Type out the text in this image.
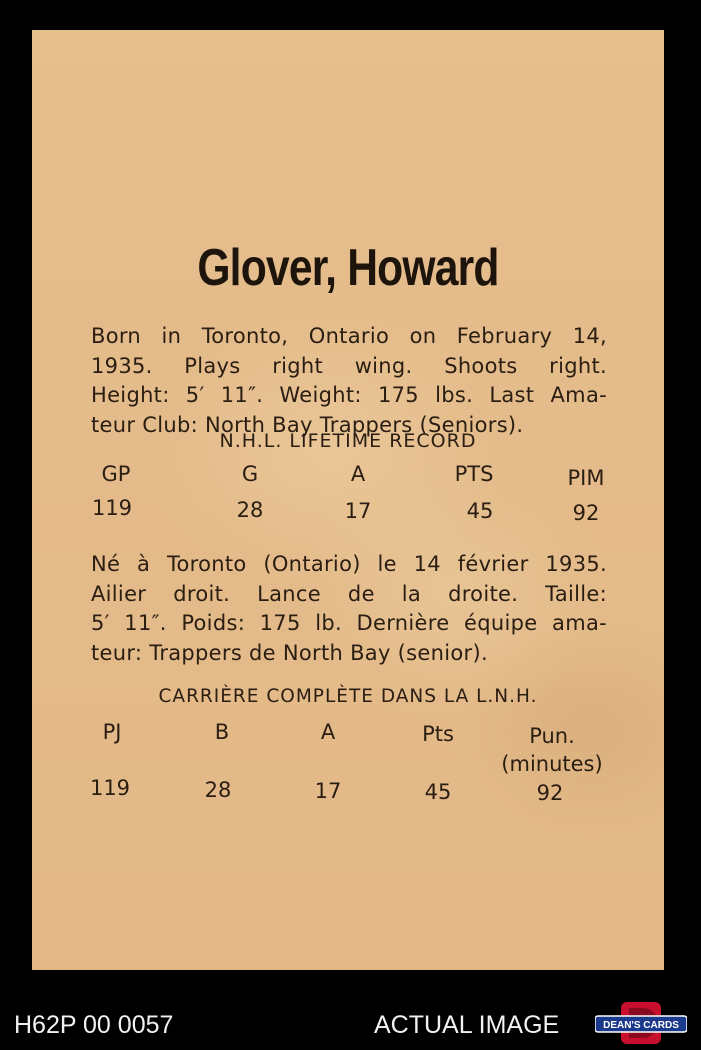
Glover, Howard
Born in Toronto, Ontario on February 14,
1935. Plays right wing. Shoots right.
Height: 5′ 11″. Weight: 175 lbs. Last Ama-
teur Club: North Bay Trappers (Seniors).
N.H.L. LIFETIME RECORD
GP	G	A	PTS	PIM
119	28	17	45	92
Né à Toronto (Ontario) le 14 février 1935.
Ailier droit. Lance de la droite. Taille:
5′ 11″. Poids: 175 lb. Dernière équipe ama-
teur: Trappers de North Bay (senior).
CARRIÈRE COMPLÈTE DANS LA L.N.H.
PJ	B	A	Pts	Pun.
(minutes)
119	28	17	45	92
H62P 00 0057	ACTUAL IMAGE	DEAN'S CARDS
